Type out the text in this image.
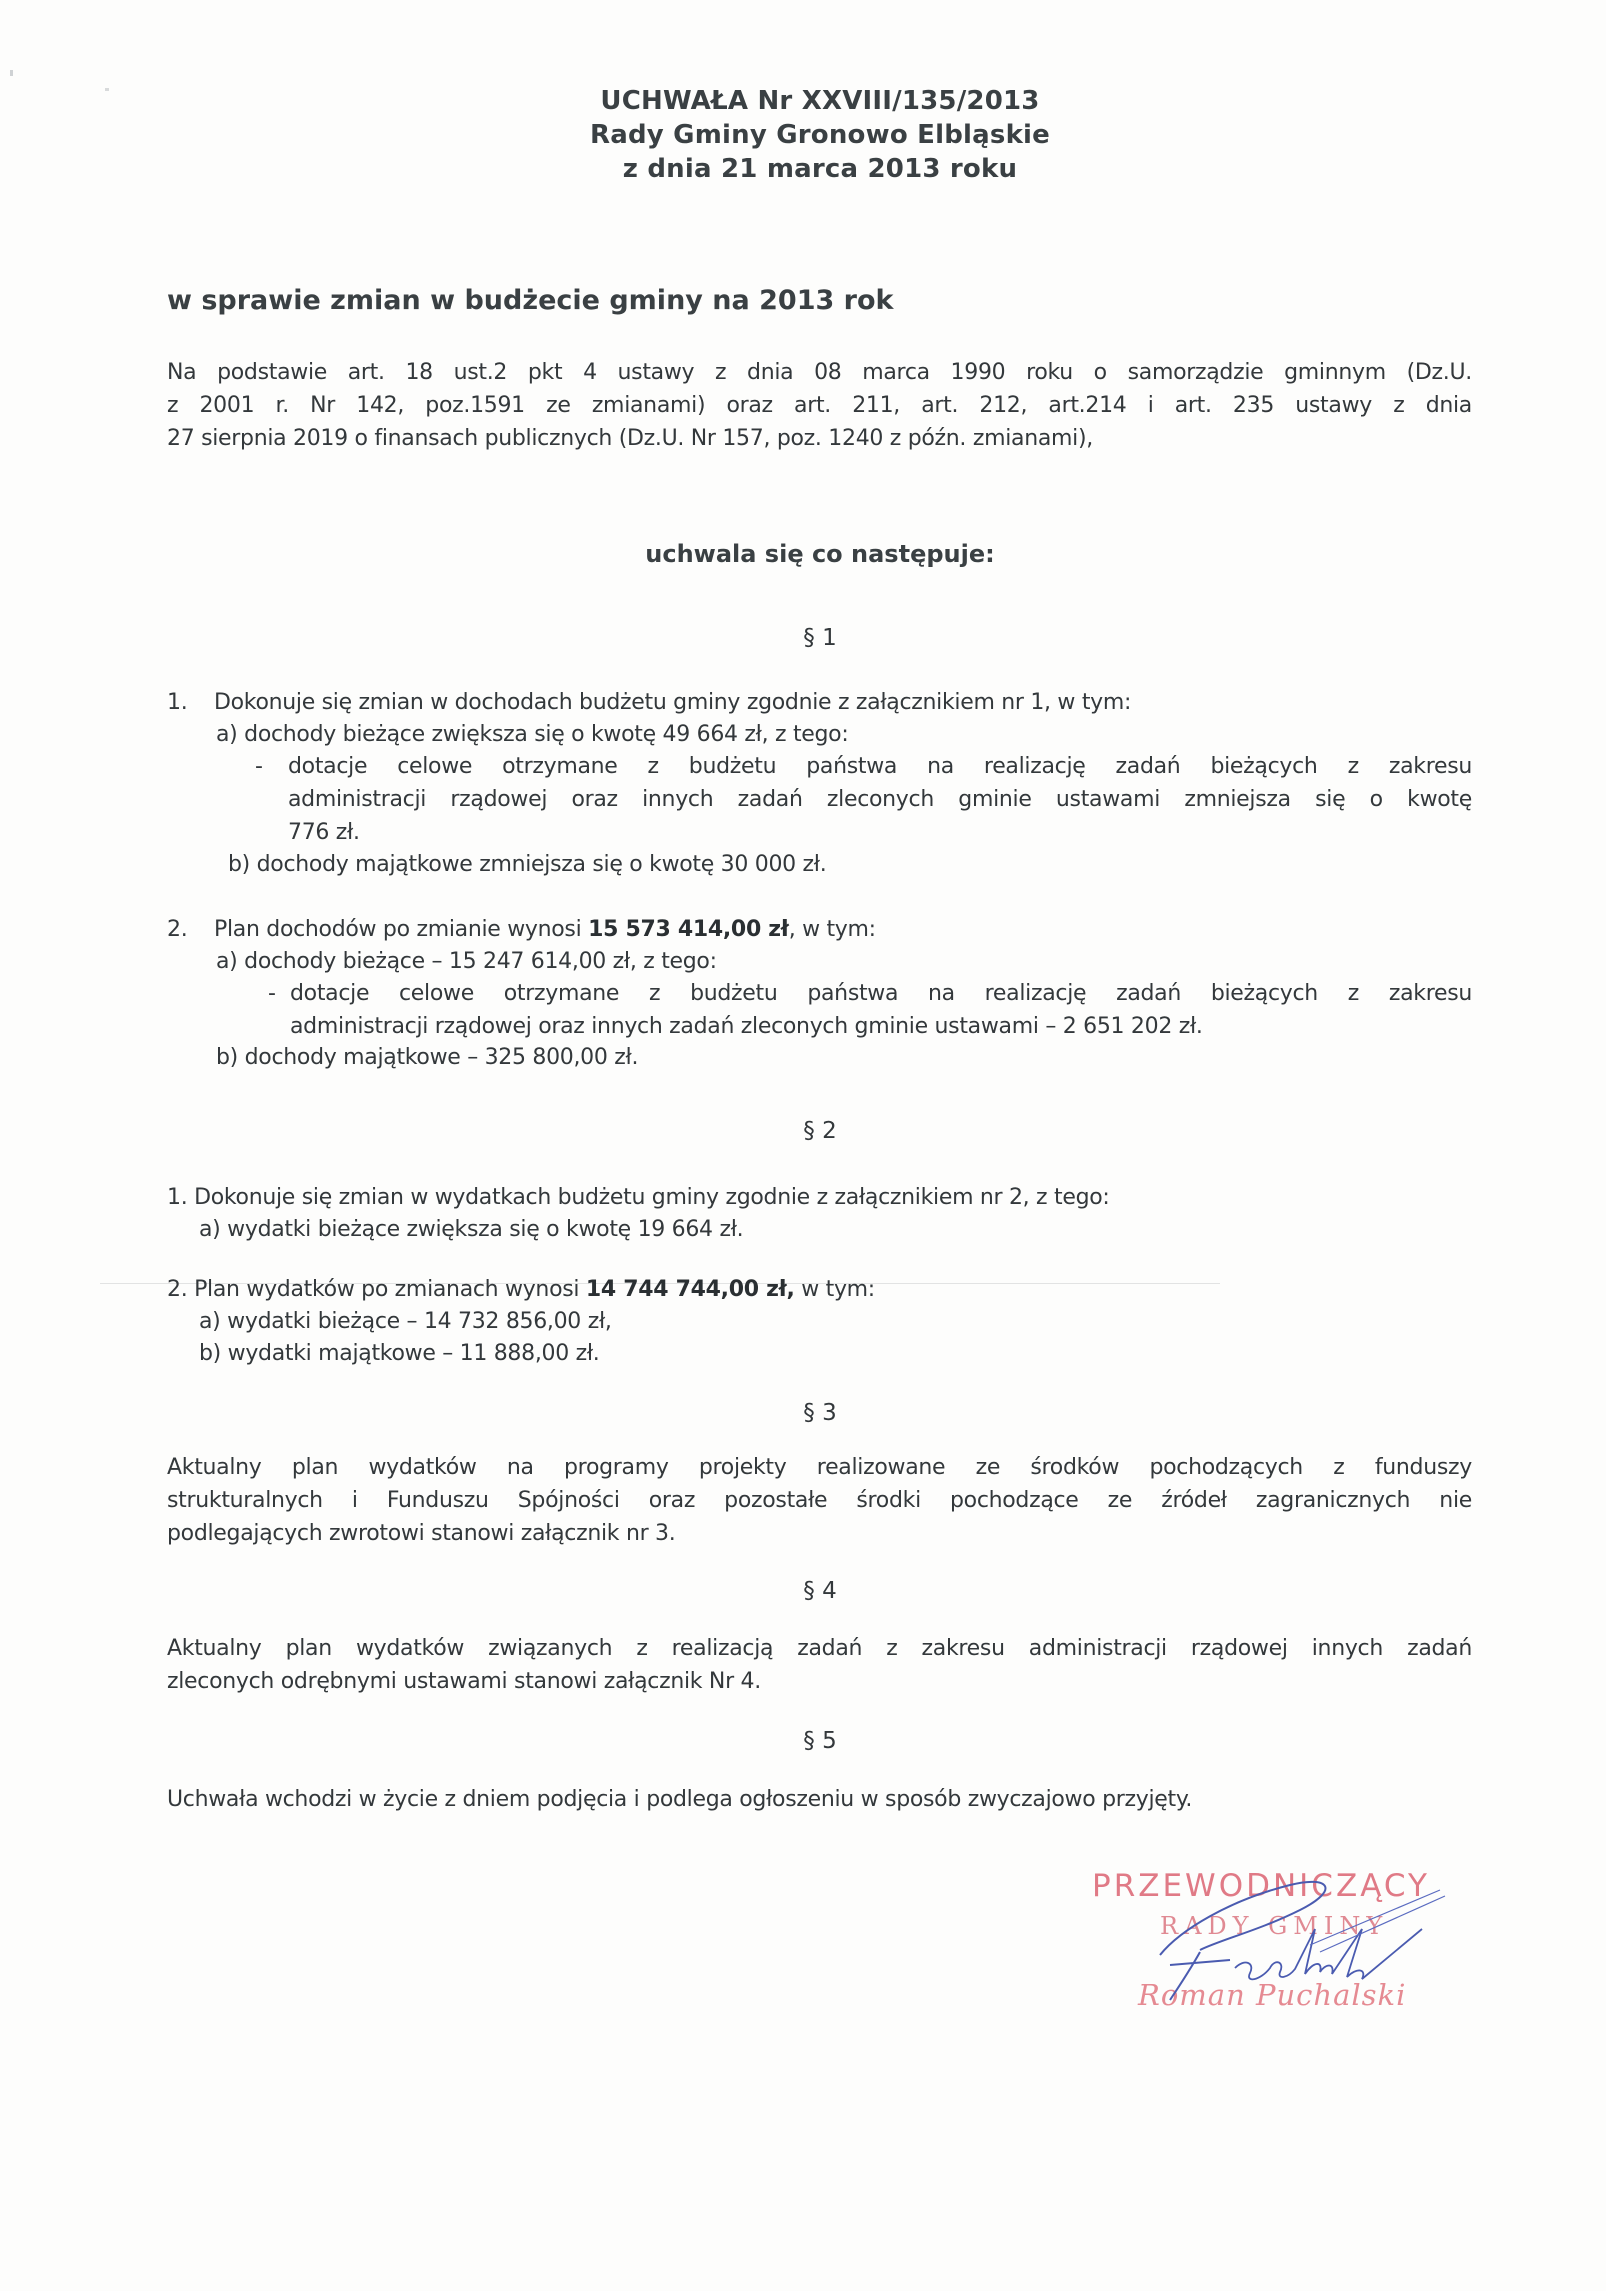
UCHWAŁA Nr XXVIII/135/2013
Rady Gminy Gronowo Elbląskie
z dnia 21 marca 2013 roku
w sprawie zmian w budżecie gminy na 2013 rok
Na podstawie art. 18 ust.2 pkt 4 ustawy z dnia 08 marca 1990 roku o samorządzie gminnym (Dz.U.
z 2001 r. Nr 142, poz.1591 ze zmianami) oraz art. 211, art. 212, art.214 i art. 235 ustawy z dnia
27 sierpnia 2019 o finansach publicznych (Dz.U. Nr 157, poz. 1240 z późn. zmianami),
uchwala się co następuje:
§ 1
1. Dokonuje się zmian w dochodach budżetu gminy zgodnie z załącznikiem nr 1, w tym:
a) dochody bieżące zwiększa się o kwotę 49 664 zł, z tego:
- dotacje celowe otrzymane z budżetu państwa na realizację zadań bieżących z zakresu
administracji rządowej oraz innych zadań zleconych gminie ustawami zmniejsza się o kwotę
776 zł.
b) dochody majątkowe zmniejsza się o kwotę 30 000 zł.
2. Plan dochodów po zmianie wynosi 15 573 414,00 zł, w tym:
a) dochody bieżące – 15 247 614,00 zł, z tego:
- dotacje celowe otrzymane z budżetu państwa na realizację zadań bieżących z zakresu
administracji rządowej oraz innych zadań zleconych gminie ustawami – 2 651 202 zł.
b) dochody majątkowe – 325 800,00 zł.
§ 2
1. Dokonuje się zmian w wydatkach budżetu gminy zgodnie z załącznikiem nr 2, z tego:
a) wydatki bieżące zwiększa się o kwotę 19 664 zł.
2. Plan wydatków po zmianach wynosi 14 744 744,00 zł, w tym:
a) wydatki bieżące – 14 732 856,00 zł,
b) wydatki majątkowe – 11 888,00 zł.
§ 3
Aktualny plan wydatków na programy projekty realizowane ze środków pochodzących z funduszy
strukturalnych i Funduszu Spójności oraz pozostałe środki pochodzące ze źródeł zagranicznych nie
podlegających zwrotowi stanowi załącznik nr 3.
§ 4
Aktualny plan wydatków związanych z realizacją zadań z zakresu administracji rządowej innych zadań
zleconych odrębnymi ustawami stanowi załącznik Nr 4.
§ 5
Uchwała wchodzi w życie z dniem podjęcia i podlega ogłoszeniu w sposób zwyczajowo przyjęty.
PRZEWODNICZĄCY
RADY GMINY
Roman Puchalski
